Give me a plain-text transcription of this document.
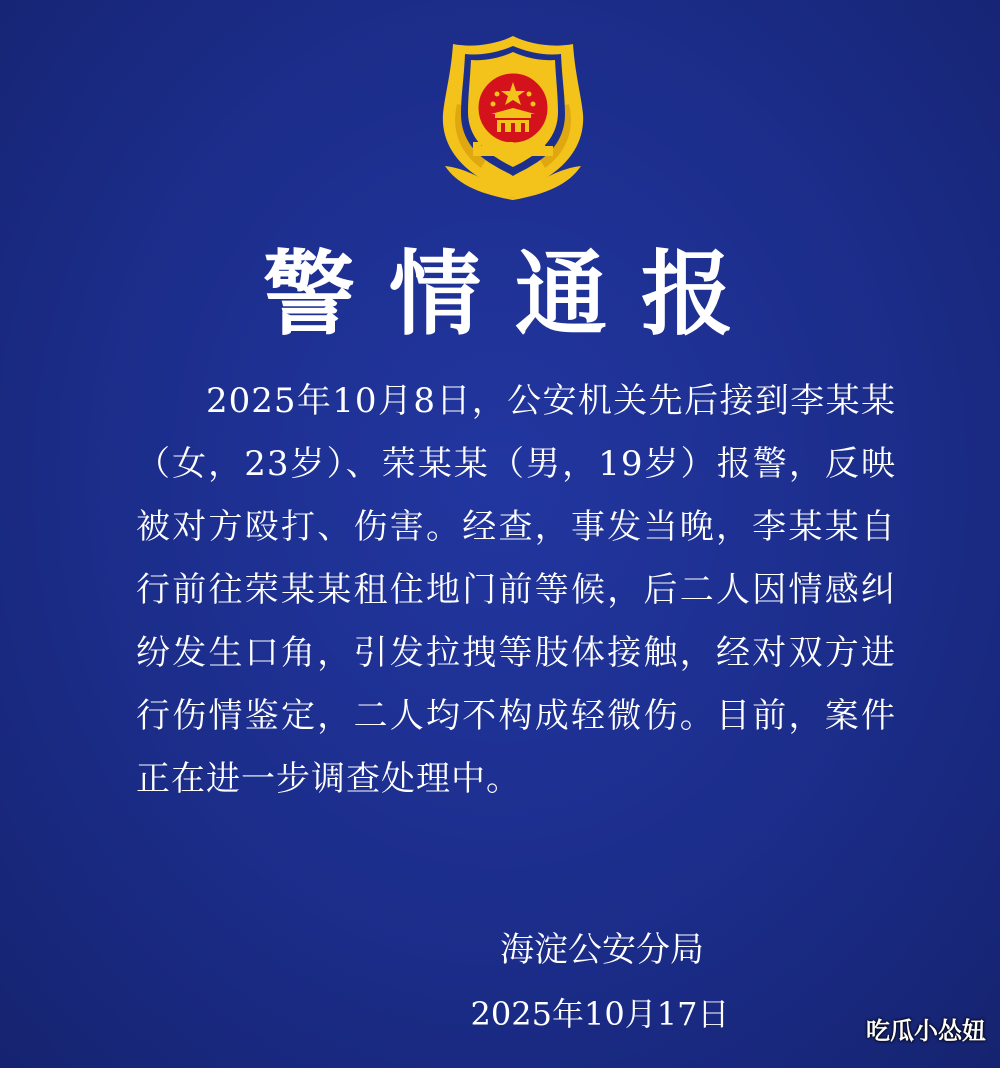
警情通报
2025年10月8日，公安机关先后接到李某某（女，23岁）、荣某某（男，19岁）报警，反映被对方殴打、伤害。经查，事发当晚，李某某自行前往荣某某租住地门前等候，后二人因情感纠纷发生口角，引发拉拽等肢体接触，经对双方进行伤情鉴定，二人均不构成轻微伤。目前，案件正在进一步调查处理中。
海淀公安分局
2025年10月17日	吃瓜小怂妞
